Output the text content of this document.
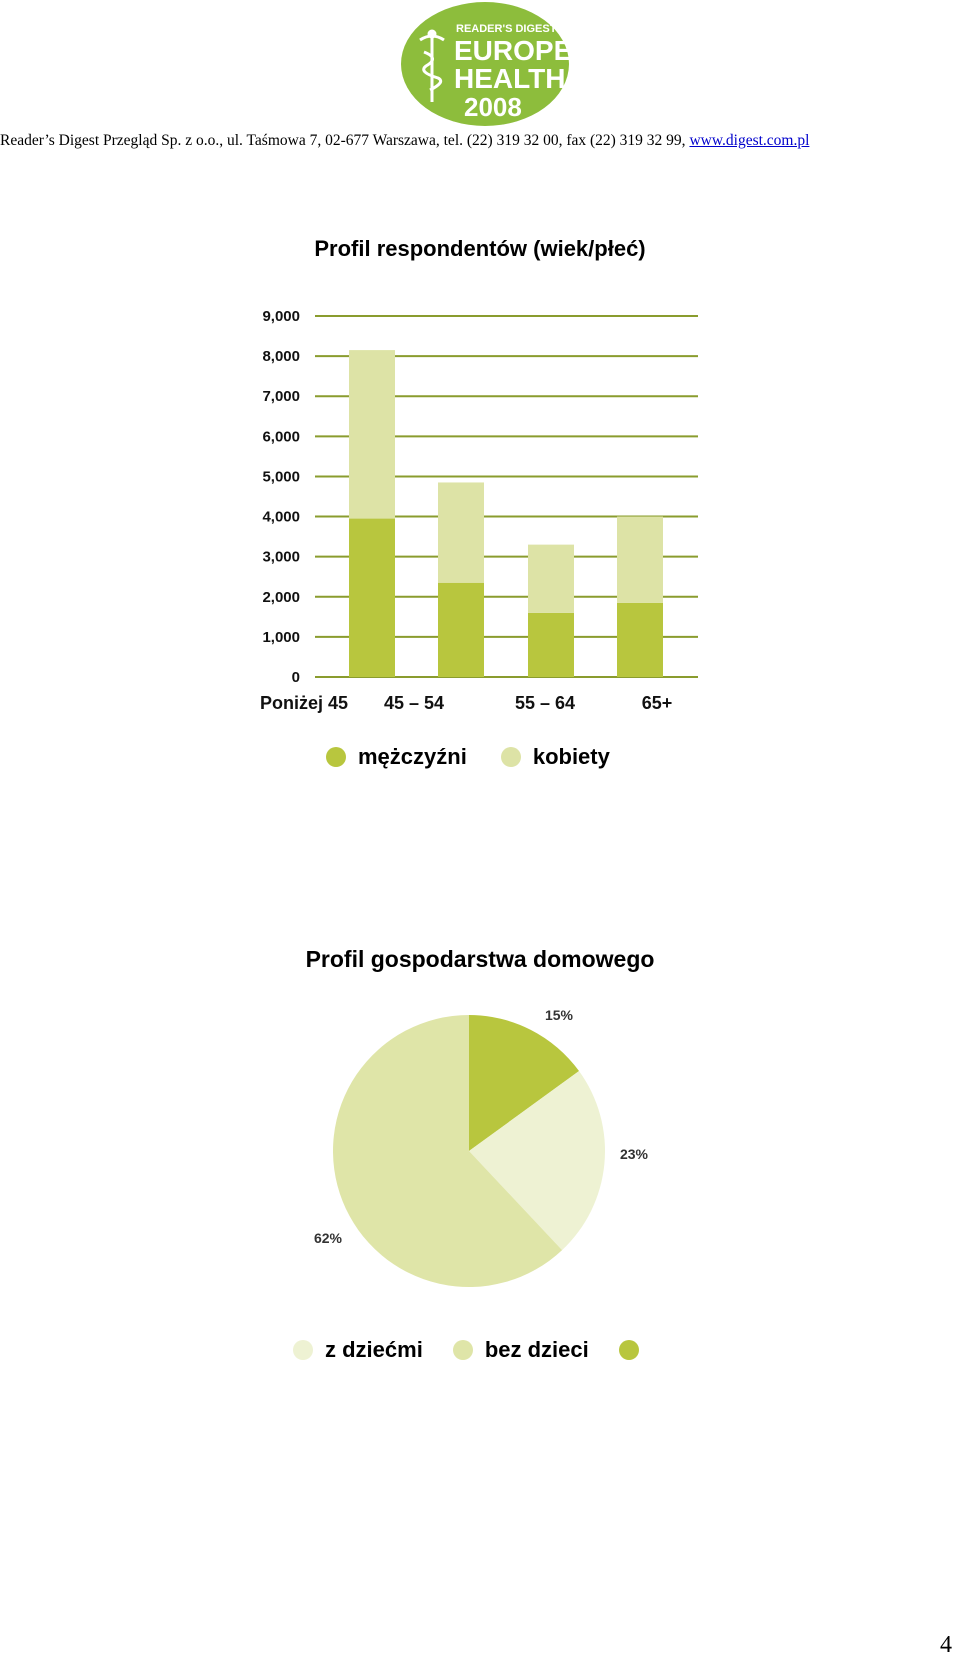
READER'S DIGEST
EUROPE
HEALTH
2008
Reader’s Digest Przegląd Sp. z o.o., ul. Taśmowa 7, 02-677 Warszawa, tel. (22) 319 32 00, fax (22) 319 32 99, www.digest.com.pl
Profil respondentów (wiek/płeć)
Profil gospodarstwa domowego
0
1,000
2,000
3,000
4,000
5,000
6,000
7,000
8,000
9,000
Poniżej 45 45 – 54	55 – 64	65+
mężczyźni	kobiety
15%
23%
62%
z dziećmi	bez dzieci
4
